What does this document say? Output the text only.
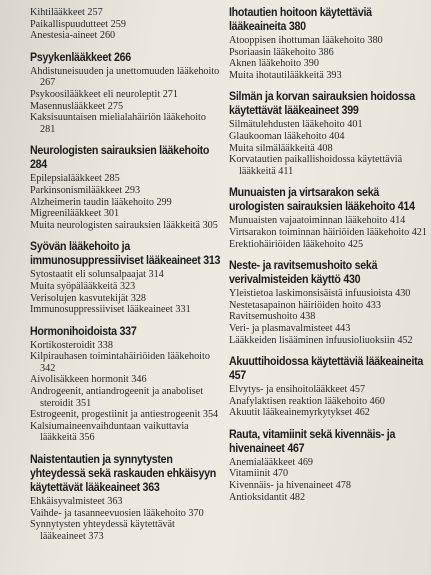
Kihtilääkkeet 257
Paikallispuudutteet 259
Anestesia-aineet 260
Psyykenlääkkeet 266
Ahdistuneisuuden ja unettomuuden lääkehoito 267
Psykoosilääkkeet eli neuroleptit 271
Masennuslääkkeet 275
Kaksisuuntaisen mielialahäiriön lääkehoito 281
Neurologisten sairauksien lääkehoito 284
Epilepsialääkkeet 285
Parkinsonismilääkkeet 293
Alzheimerin taudin lääkehoito 299
Migreenilääkkeet 301
Muita neurologisten sairauksien lääkkeitä 305
Syövän lääkehoito ja immunosuppressiiviset lääkeaineet 313
Sytostaatit eli solunsalpaajat 314
Muita syöpälääkkeitä 323
Verisolujen kasvutekijät 328
Immunosuppressiiviset lääkeaineet 331
Hormonihoidoista 337
Kortikosteroidit 338
Kilpirauhasen toimintahäiriöiden lääkehoito 342
Aivolisäkkeen hormonit 346
Androgeenit, antiandrogeenit ja anaboliset steroidit 351
Estrogeenit, progestiinit ja antiestrogeenit 354
Kalsiumaineenvaihduntaan vaikuttavia lääkkeitä 356
Naistentautien ja synnytysten yhteydessä sekä raskauden ehkäisyyn käytettävät lääkeaineet 363
Ehkäisyvalmisteet 363
Vaihde- ja tasanneevuosien lääkehoito 370
Synnytysten yhteydessä käytettävät lääkeaineet 373
Ihotautien hoitoon käytettäviä lääkeaineita 380
Atooppisen ihottuman lääkehoito 380
Psoriaasin lääkehoito 386
Aknen lääkehoito 390
Muita ihotautilääkkeitä 393
Silmän ja korvan sairauksien hoidossa käytettävät lääkeaineet 399
Silmätulehdusten lääkehoito 401
Glaukooman lääkehoito 404
Muita silmälääkkeitä 408
Korvatautien paikallishoidossa käytettäviä lääkkeitä 411
Munuaisten ja virtsarakon sekä urologisten sairauksien lääkehoito 414
Munuaisten vajaatoiminnan lääkehoito 414
Virtsarakon toiminnan häiriöiden lääkehoito 421
Erektiohäiriöiden lääkehoito 425
Neste- ja ravitsemushoito sekä verivalmisteiden käyttö 430
Yleistietoa laskimonsisäistä infuusioista 430
Nestetasapainon häiriöiden hoito 433
Ravitsemushoito 438
Veri- ja plasmavalmisteet 443
Lääkkeiden lisääminen infuusioliuoksiin 452
Akuuttihoidossa käytettäviä lääkeaineita 457
Elvytys- ja ensihoitolääkkeet 457
Anafylaktisen reaktion lääkehoito 460
Akuutit lääkeainemyrkytykset 462
Rauta, vitamiinit sekä kivennäis- ja hivenaineet 467
Anemialääkkeet 469
Vitamiinit 470
Kivennäis- ja hivenaineet 478
Antioksidantit 482
